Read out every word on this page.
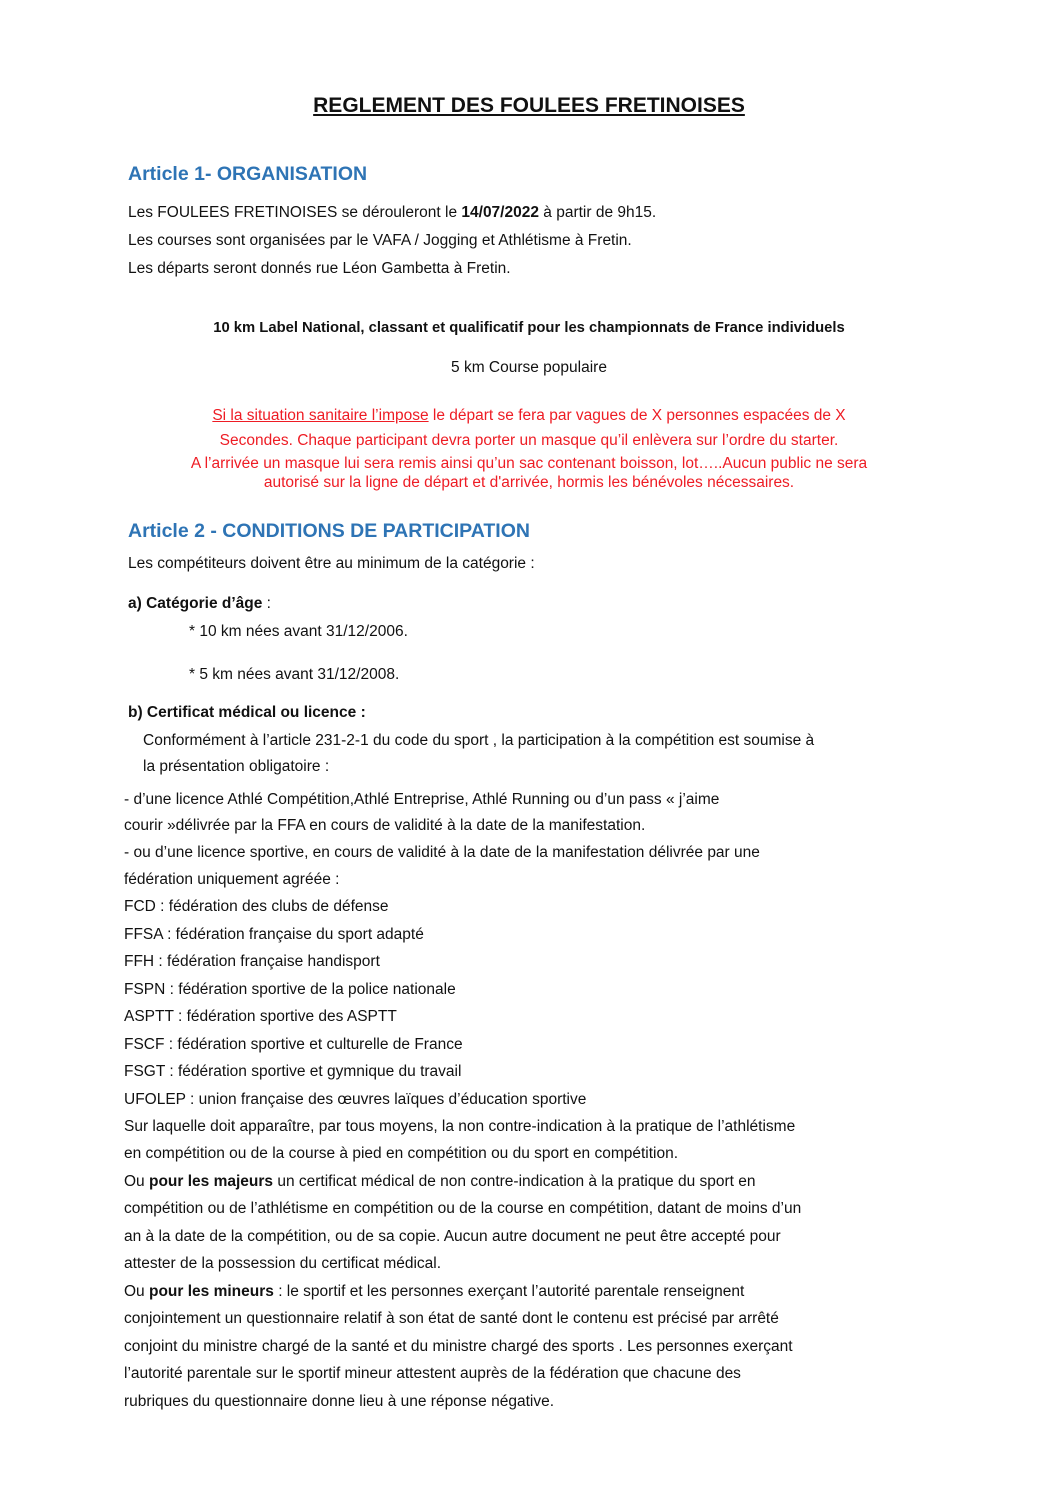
REGLEMENT DES FOULEES FRETINOISES
Article 1- ORGANISATION
Les FOULEES FRETINOISES se dérouleront le 14/07/2022 à partir de 9h15.
Les courses sont organisées par le VAFA / Jogging et Athlétisme à Fretin.
Les départs seront donnés rue Léon Gambetta à Fretin.
10 km Label National, classant et qualificatif pour les championnats de France individuels
5 km Course populaire
Si la situation sanitaire l’impose le départ se fera par vagues de X personnes espacées de X
Secondes. Chaque participant devra porter un masque qu’il enlèvera sur l’ordre du starter.
A l’arrivée un masque lui sera remis ainsi qu’un sac contenant boisson, lot…..Aucun public ne sera
autorisé sur la ligne de départ et d'arrivée, hormis les bénévoles nécessaires.
Article 2 - CONDITIONS DE PARTICIPATION
Les compétiteurs doivent être au minimum de la catégorie :
a) Catégorie d’âge :
* 10 km nées avant 31/12/2006.
* 5 km nées avant 31/12/2008.
b) Certificat médical ou licence :
Conformément à l’article 231-2-1 du code du sport , la participation à la compétition est soumise à
la présentation obligatoire :
- d’une licence Athlé Compétition,Athlé Entreprise, Athlé Running ou d’un pass « j’aime
courir »délivrée par la FFA en cours de validité à la date de la manifestation.
- ou d’une licence sportive, en cours de validité à la date de la manifestation délivrée par une
fédération uniquement agréée :
FCD : fédération des clubs de défense
FFSA : fédération française du sport adapté
FFH : fédération française handisport
FSPN : fédération sportive de la police nationale
ASPTT : fédération sportive des ASPTT
FSCF : fédération sportive et culturelle de France
FSGT : fédération sportive et gymnique du travail
UFOLEP : union française des œuvres laïques d’éducation sportive
Sur laquelle doit apparaître, par tous moyens, la non contre-indication à la pratique de l’athlétisme
en compétition ou de la course à pied en compétition ou du sport en compétition.
Ou pour les majeurs un certificat médical de non contre-indication à la pratique du sport en
compétition ou de l’athlétisme en compétition ou de la course en compétition, datant de moins d’un
an à la date de la compétition, ou de sa copie. Aucun autre document ne peut être accepté pour
attester de la possession du certificat médical.
Ou pour les mineurs : le sportif et les personnes exerçant l’autorité parentale renseignent
conjointement un questionnaire relatif à son état de santé dont le contenu est précisé par arrêté
conjoint du ministre chargé de la santé et du ministre chargé des sports . Les personnes exerçant
l’autorité parentale sur le sportif mineur attestent auprès de la fédération que chacune des
rubriques du questionnaire donne lieu à une réponse négative.
